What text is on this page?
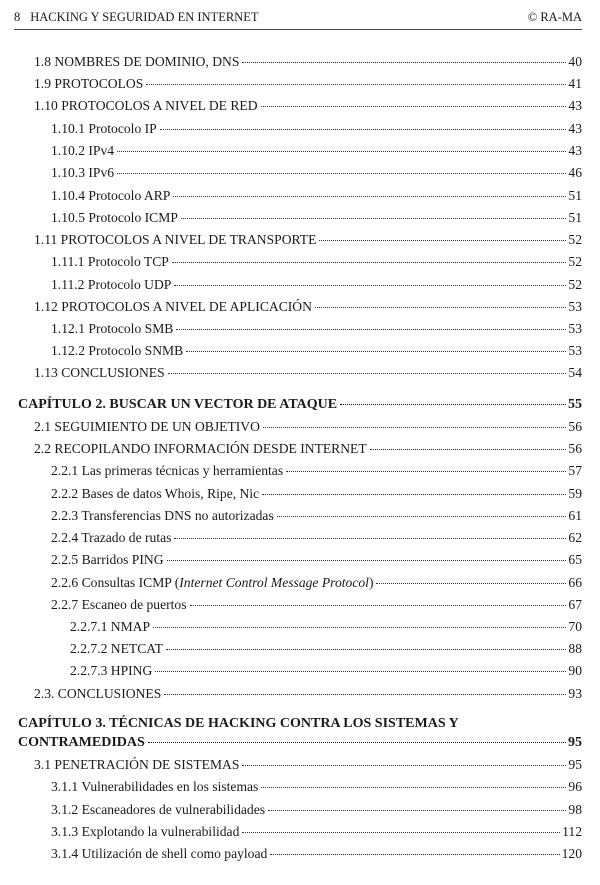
8 HACKING Y SEGURIDAD EN INTERNET	© RA-MA
1.8 NOMBRES DE DOMINIO, DNS	40
1.9 PROTOCOLOS	41
1.10 PROTOCOLOS A NIVEL DE RED	43
1.10.1 Protocolo IP	43
1.10.2 IPv4	43
1.10.3 IPv6	46
1.10.4 Protocolo ARP	51
1.10.5 Protocolo ICMP	51
1.11 PROTOCOLOS A NIVEL DE TRANSPORTE	52
1.11.1 Protocolo TCP	52
1.11.2 Protocolo UDP	52
1.12 PROTOCOLOS A NIVEL DE APLICACIÓN	53
1.12.1 Protocolo SMB	53
1.12.2 Protocolo SNMB	53
1.13 CONCLUSIONES	54
CAPÍTULO 2. BUSCAR UN VECTOR DE ATAQUE	55
2.1 SEGUIMIENTO DE UN OBJETIVO	56
2.2 RECOPILANDO INFORMACIÓN DESDE INTERNET	56
2.2.1 Las primeras técnicas y herramientas	57
2.2.2 Bases de datos Whois, Ripe, Nic	59
2.2.3 Transferencias DNS no autorizadas	61
2.2.4 Trazado de rutas	62
2.2.5 Barridos PING	65
2.2.6 Consultas ICMP (Internet Control Message Protocol)	66
2.2.7 Escaneo de puertos	67
2.2.7.1 NMAP	70
2.2.7.2 NETCAT	88
2.2.7.3 HPING	90
2.3. CONCLUSIONES	93
CAPÍTULO 3. TÉCNICAS DE HACKING CONTRA LOS SISTEMAS Y
CONTRAMEDIDAS	95
3.1 PENETRACIÓN DE SISTEMAS	95
3.1.1 Vulnerabilidades en los sistemas	96
3.1.2 Escaneadores de vulnerabilidades	98
3.1.3 Explotando la vulnerabilidad	112
3.1.4 Utilización de shell como payload	120
